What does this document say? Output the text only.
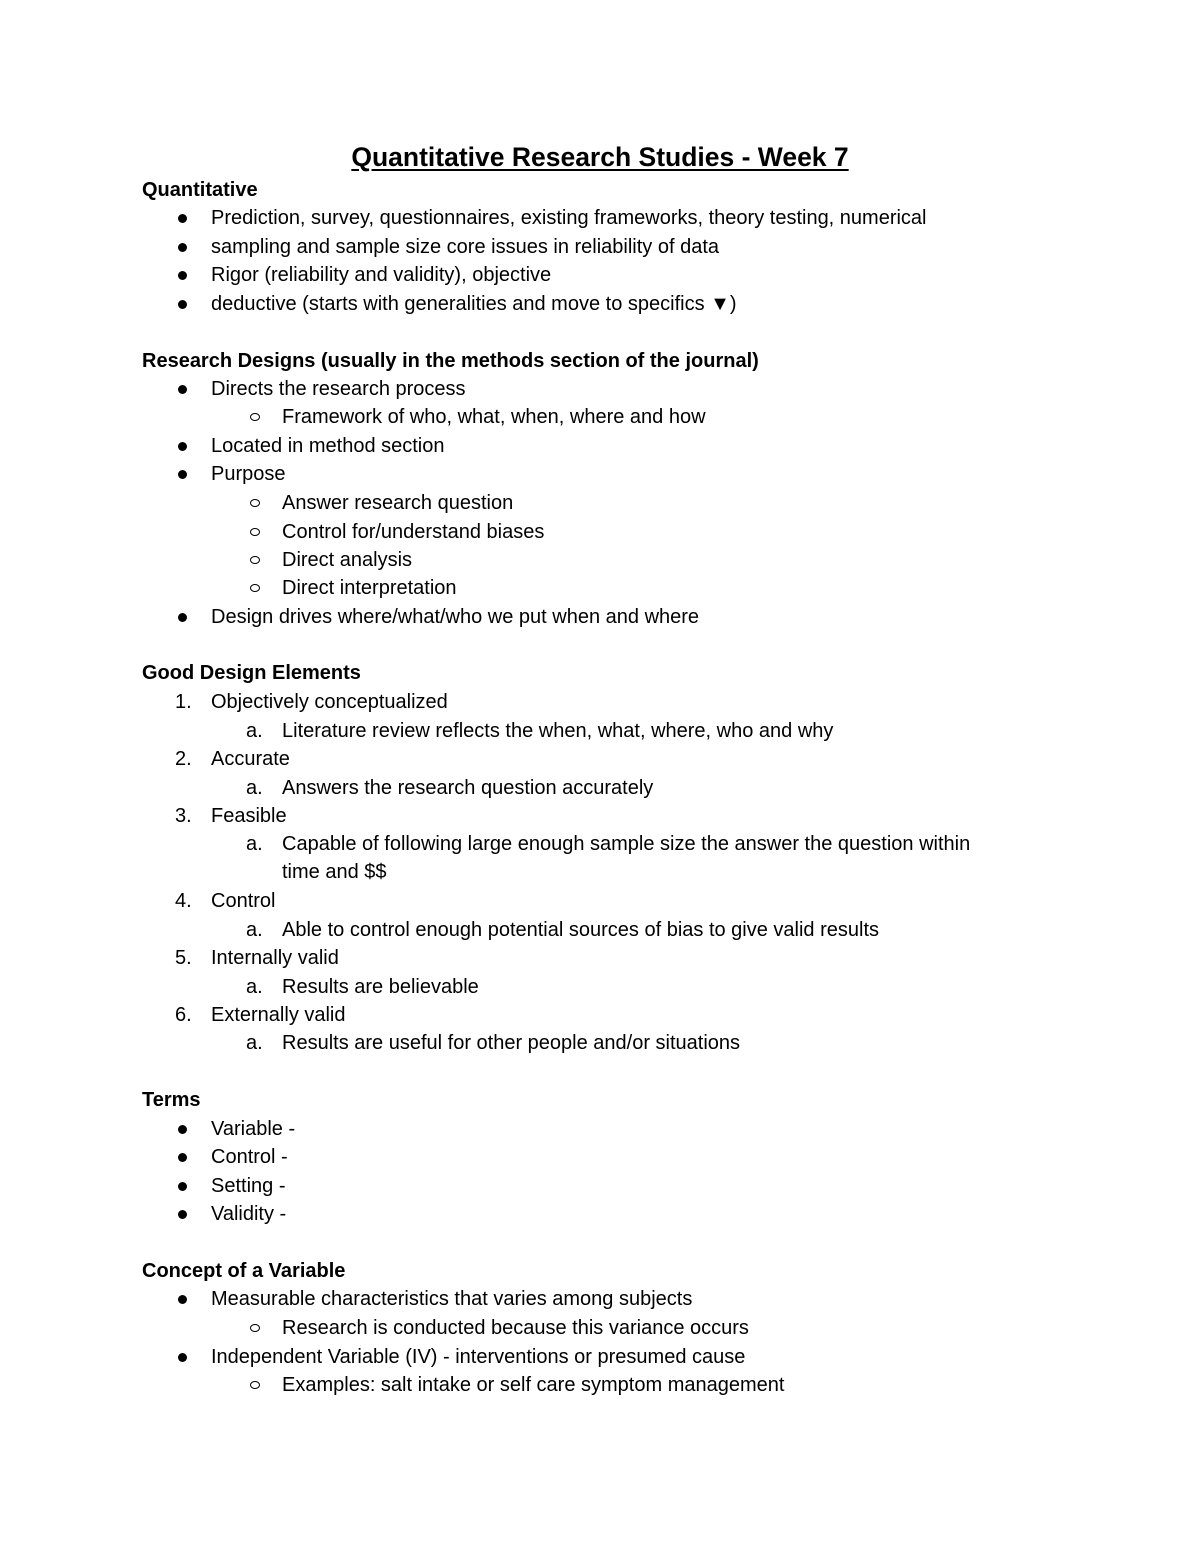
Quantitative Research Studies - Week 7
Quantitative
Prediction, survey, questionnaires, existing frameworks, theory testing, numerical
sampling and sample size core issues in reliability of data
Rigor (reliability and validity), objective
deductive (starts with generalities and move to specifics ▼)
Research Designs (usually in the methods section of the journal)
Directs the research process
Framework of who, what, when, where and how
Located in method section
Purpose
Answer research question
Control for/understand biases
Direct analysis
Direct interpretation
Design drives where/what/who we put when and where
Good Design Elements
1. Objectively conceptualized
a. Literature review reflects the when, what, where, who and why
2. Accurate
a. Answers the research question accurately
3. Feasible
a. Capable of following large enough sample size the answer the question within
time and $$
4. Control
a. Able to control enough potential sources of bias to give valid results
5. Internally valid
a. Results are believable
6. Externally valid
a. Results are useful for other people and/or situations
Terms
Variable -
Control -
Setting -
Validity -
Concept of a Variable
Measurable characteristics that varies among subjects
Research is conducted because this variance occurs
Independent Variable (IV) - interventions or presumed cause
Examples: salt intake or self care symptom management
